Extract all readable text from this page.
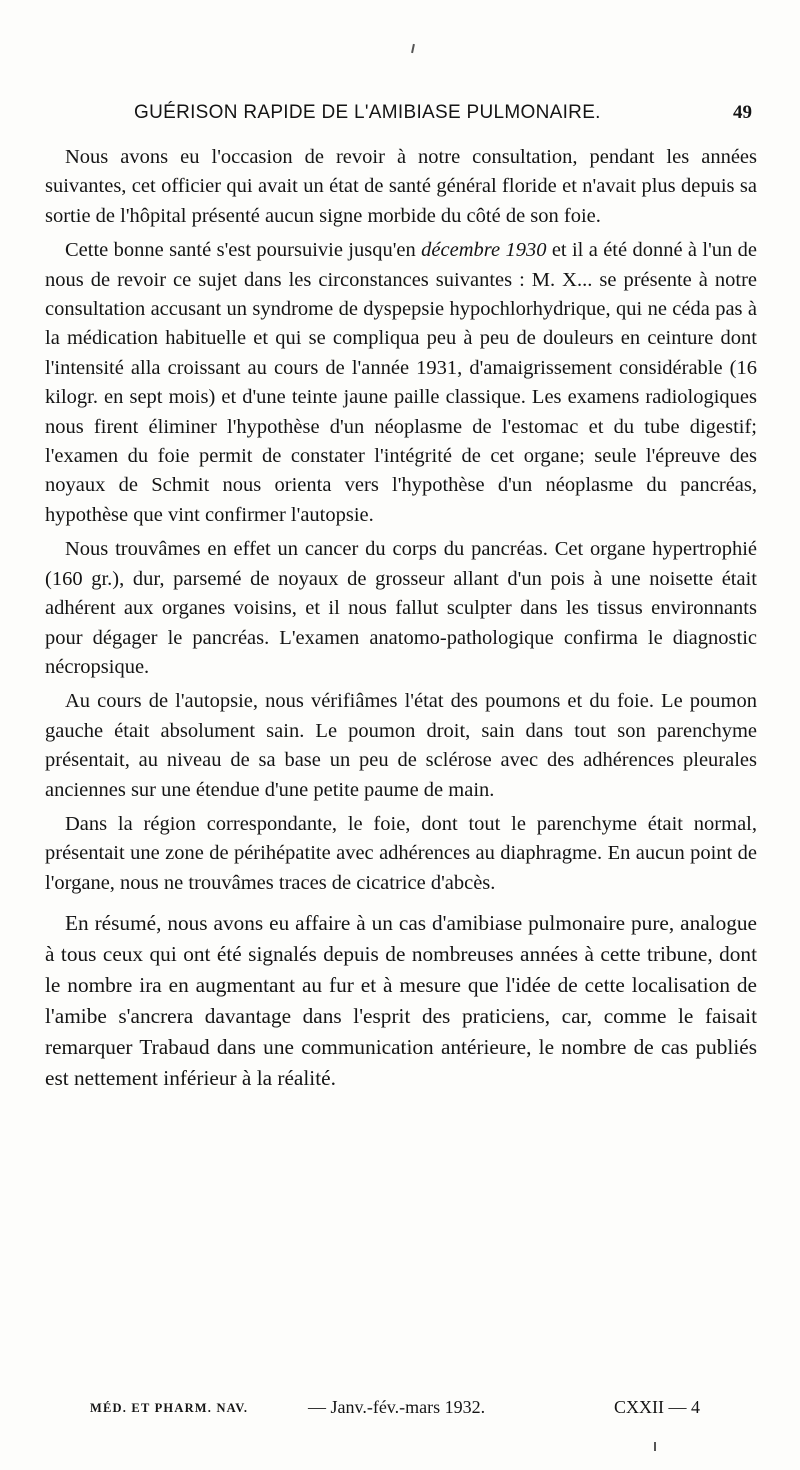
GUÉRISON RAPIDE DE L'AMIBIASE PULMONAIRE.	49

Nous avons eu l'occasion de revoir à notre consultation, pendant les années suivantes, cet officier qui avait un état de santé général floride et n'avait plus depuis sa sortie de l'hôpital présenté aucun signe morbide du côté de son foie.

Cette bonne santé s'est poursuivie jusqu'en décembre 1930 et il a été donné à l'un de nous de revoir ce sujet dans les circonstances suivantes : M. X... se présente à notre consultation accusant un syndrome de dyspepsie hypochlorhydrique, qui ne céda pas à la médication habituelle et qui se compliqua peu à peu de douleurs en ceinture dont l'intensité alla croissant au cours de l'année 1931, d'amaigrissement considérable (16 kilogr. en sept mois) et d'une teinte jaune paille classique. Les examens radiologiques nous firent éliminer l'hypothèse d'un néoplasme de l'estomac et du tube digestif; l'examen du foie permit de constater l'intégrité de cet organe; seule l'épreuve des noyaux de Schmit nous orienta vers l'hypothèse d'un néoplasme du pancréas, hypothèse que vint confirmer l'autopsie.

Nous trouvâmes en effet un cancer du corps du pancréas. Cet organe hypertrophié (160 gr.), dur, parsemé de noyaux de grosseur allant d'un pois à une noisette était adhérent aux organes voisins, et il nous fallut sculpter dans les tissus environnants pour dégager le pancréas. L'examen anatomo-pathologique confirma le diagnostic nécropsique.

Au cours de l'autopsie, nous vérifiâmes l'état des poumons et du foie. Le poumon gauche était absolument sain. Le poumon droit, sain dans tout son parenchyme présentait, au niveau de sa base un peu de sclérose avec des adhérences pleurales anciennes sur une étendue d'une petite paume de main.

Dans la région correspondante, le foie, dont tout le parenchyme était normal, présentait une zone de périhépatite avec adhérences au diaphragme. En aucun point de l'organe, nous ne trouvâmes traces de cicatrice d'abcès.

En résumé, nous avons eu affaire à un cas d'amibiase pulmonaire pure, analogue à tous ceux qui ont été signalés depuis de nombreuses années à cette tribune, dont le nombre ira en augmentant au fur et à mesure que l'idée de cette localisation de l'amibe s'ancrera davantage dans l'esprit des praticiens, car, comme le faisait remarquer Trabaud dans une communication antérieure, le nombre de cas publiés est nettement inférieur à la réalité.

MÉD. ET PHARM. NAV.	— Janv.-fév.-mars 1932.	CXXII — 4
